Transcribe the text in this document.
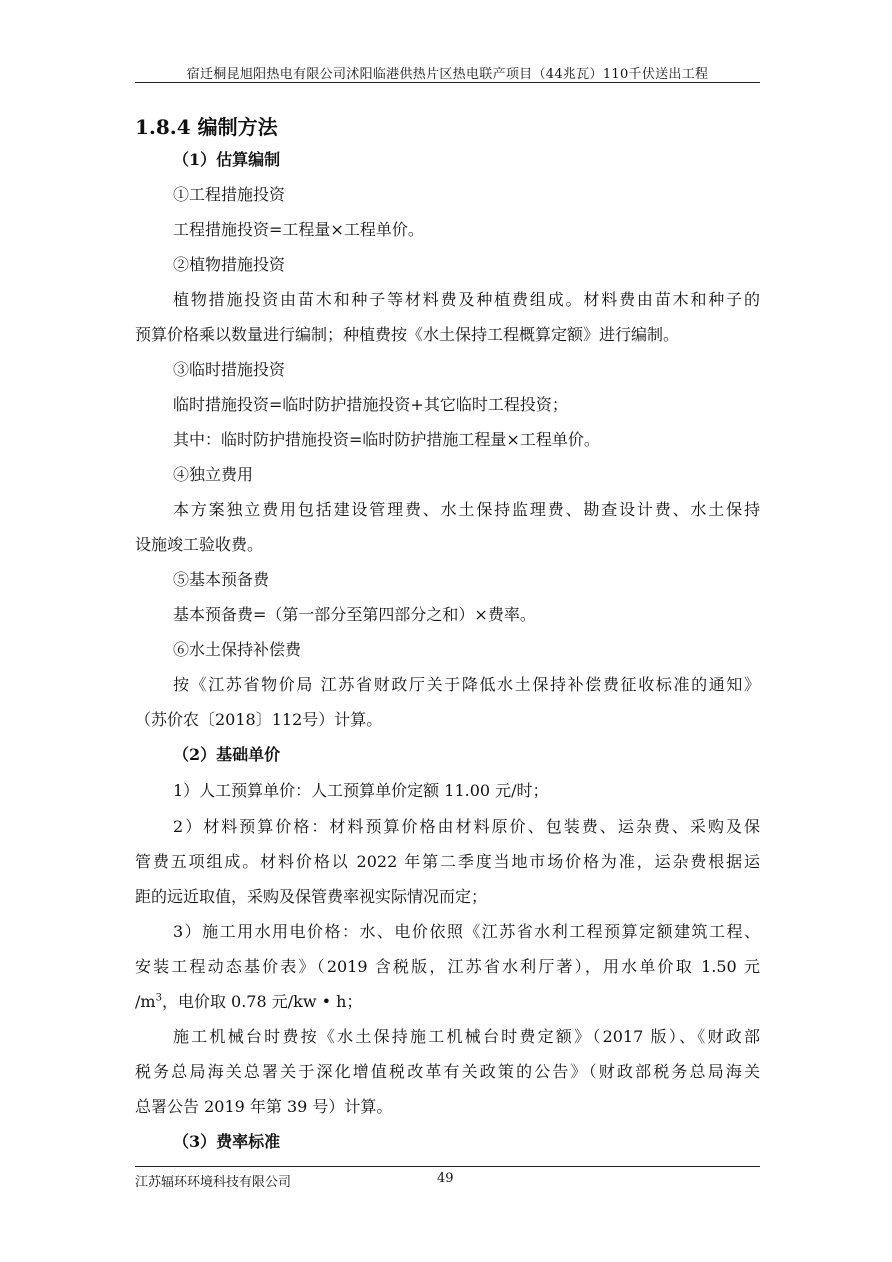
宿迁桐昆旭阳热电有限公司沭阳临港供热片区热电联产项目（44兆瓦）110千伏送出工程
1.8.4 编制方法
（1）估算编制
①工程措施投资
工程措施投资=工程量×工程单价。
②植物措施投资
植物措施投资由苗木和种子等材料费及种植费组成。材料费由苗木和种子的
预算价格乘以数量进行编制；种植费按《水土保持工程概算定额》进行编制。
③临时措施投资
临时措施投资=临时防护措施投资+其它临时工程投资；
其中：临时防护措施投资=临时防护措施工程量×工程单价。
④独立费用
本方案独立费用包括建设管理费、水土保持监理费、勘查设计费、水土保持
设施竣工验收费。
⑤基本预备费
基本预备费=（第一部分至第四部分之和）×费率。
⑥水土保持补偿费
按《江苏省物价局 江苏省财政厅关于降低水土保持补偿费征收标准的通知》
（苏价农〔2018〕112号）计算。
（2）基础单价
1）人工预算单价：人工预算单价定额 11.00 元/时；
2）材料预算价格：材料预算价格由材料原价、包装费、运杂费、采购及保
管费五项组成。材料价格以 2022 年第二季度当地市场价格为准，运杂费根据运
距的远近取值，采购及保管费率视实际情况而定；
3）施工用水用电价格：水、电价依照《江苏省水利工程预算定额建筑工程、
安装工程动态基价表》（2019 含税版，江苏省水利厅著），用水单价取 1.50 元
$/m^3$，电价取 0.78 元/kw • h；
施工机械台时费按《水土保持施工机械台时费定额》（2017 版）、《财政部
税务总局海关总署关于深化增值税改革有关政策的公告》（财政部税务总局海关
总署公告 2019 年第 39 号）计算。
（3）费率标准
江苏辐环环境科技有限公司	49
